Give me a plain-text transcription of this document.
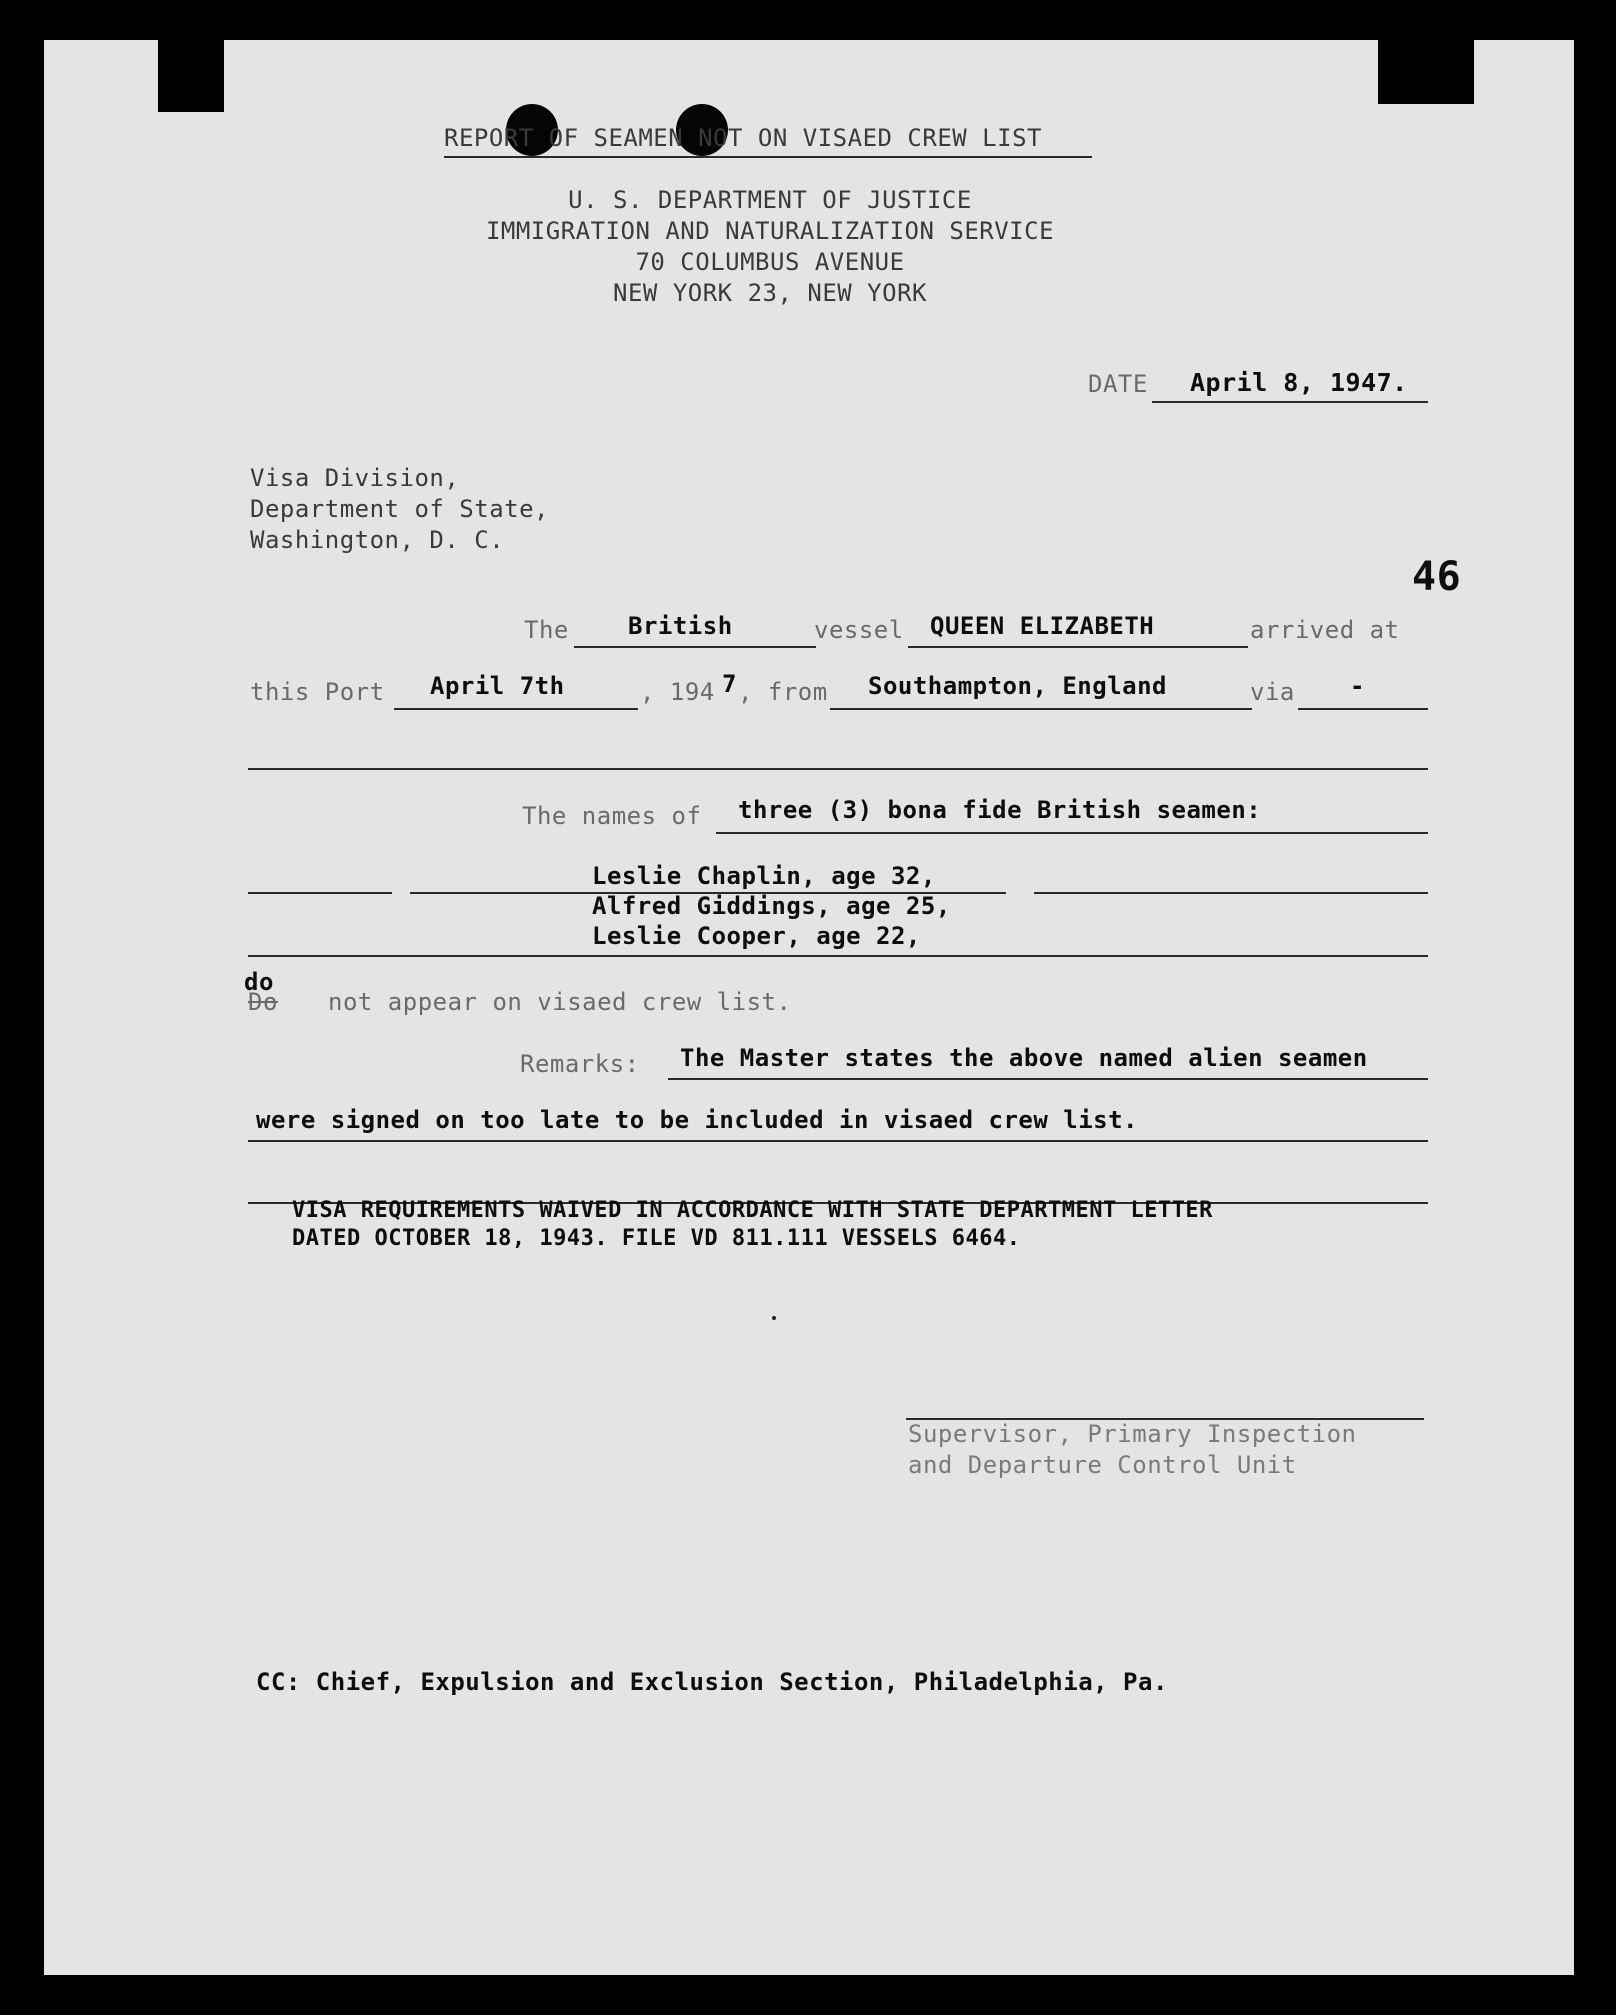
REPORT OF SEAMEN NOT ON VISAED CREW LIST
U. S. DEPARTMENT OF JUSTICE
IMMIGRATION AND NATURALIZATION SERVICE
70 COLUMBUS AVENUE
NEW YORK 23, NEW YORK
DATE April 8, 1947.
Visa Division,
Department of State,
Washington, D. C.
46
The British	vessel QUEEN ELIZABETH	arrived at
this Port April 7th	, 194 7 , from Southampton, England	via -
The names of three (3) bona fide British seamen:
Leslie Chaplin, age 32,
Alfred Giddings, age 25,
Leslie Cooper, age 22,
Do
do
not appear on visaed crew list.
Remarks: The Master states the above named alien seamen
were signed on too late to be included in visaed crew list.
VISA REQUIREMENTS WAIVED IN ACCORDANCE WITH STATE DEPARTMENT LETTER
DATED OCTOBER 18, 1943. FILE VD 811.111 VESSELS 6464.
Supervisor, Primary Inspection
and Departure Control Unit
CC: Chief, Expulsion and Exclusion Section, Philadelphia, Pa.
